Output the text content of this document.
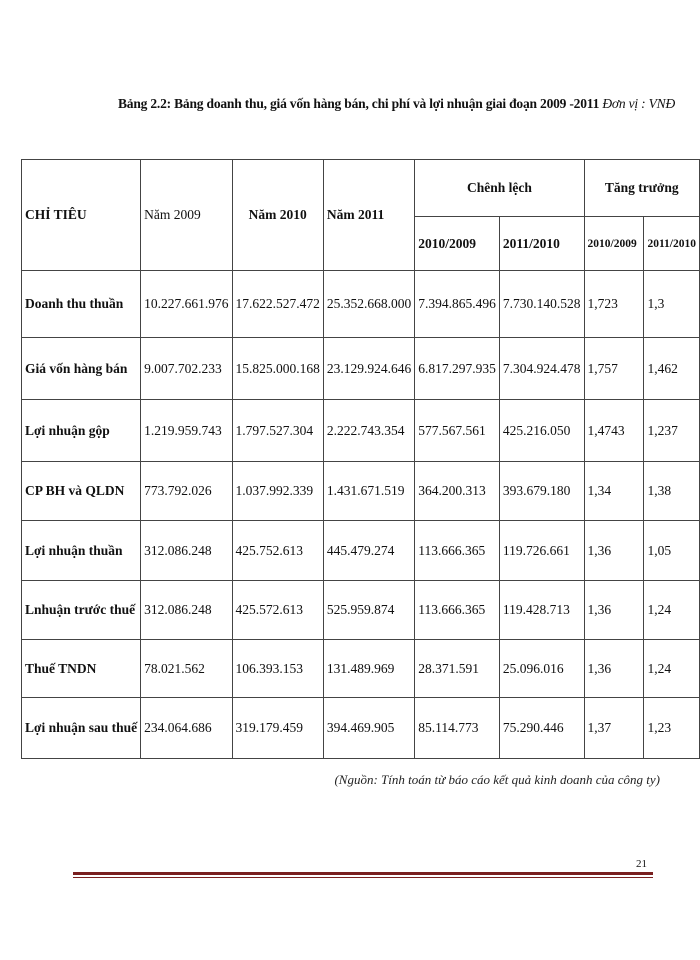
Bảng 2.2: Bảng doanh thu, giá vốn hàng bán, chi phí và lợi nhuận giai đoạn 2009 -2011 Đơn vị : VNĐ
CHỈ TIÊU	Năm 2009	Năm 2010	Năm 2011	Chênh lệch		Tăng trưởng	
				2010/2009	2011/2010	2010/2009	2011/2010
Doanh thu thuần	10.227.661.976	17.622.527.472	25.352.668.000	7.394.865.496	7.730.140.528	1,723	1,3
Giá vốn hàng bán	9.007.702.233	15.825.000.168	23.129.924.646	6.817.297.935	7.304.924.478	1,757	1,462
Lợi nhuận gộp	1.219.959.743	1.797.527.304	2.222.743.354	577.567.561	425.216.050	1,4743	1,237
CP BH và QLDN	773.792.026	1.037.992.339	1.431.671.519	364.200.313	393.679.180	1,34	1,38
Lợi nhuận thuần	312.086.248	425.752.613	445.479.274	113.666.365	119.726.661	1,36	1,05
Lnhuận trước thuế	312.086.248	425.572.613	525.959.874	113.666.365	119.428.713	1,36	1,24
Thuế TNDN	78.021.562	106.393.153	131.489.969	28.371.591	25.096.016	1,36	1,24
Lợi nhuận sau thuế	234.064.686	319.179.459	394.469.905	85.114.773	75.290.446	1,37	1,23
(Nguồn: Tính toán từ báo cáo kết quả kinh doanh của công ty)
21
